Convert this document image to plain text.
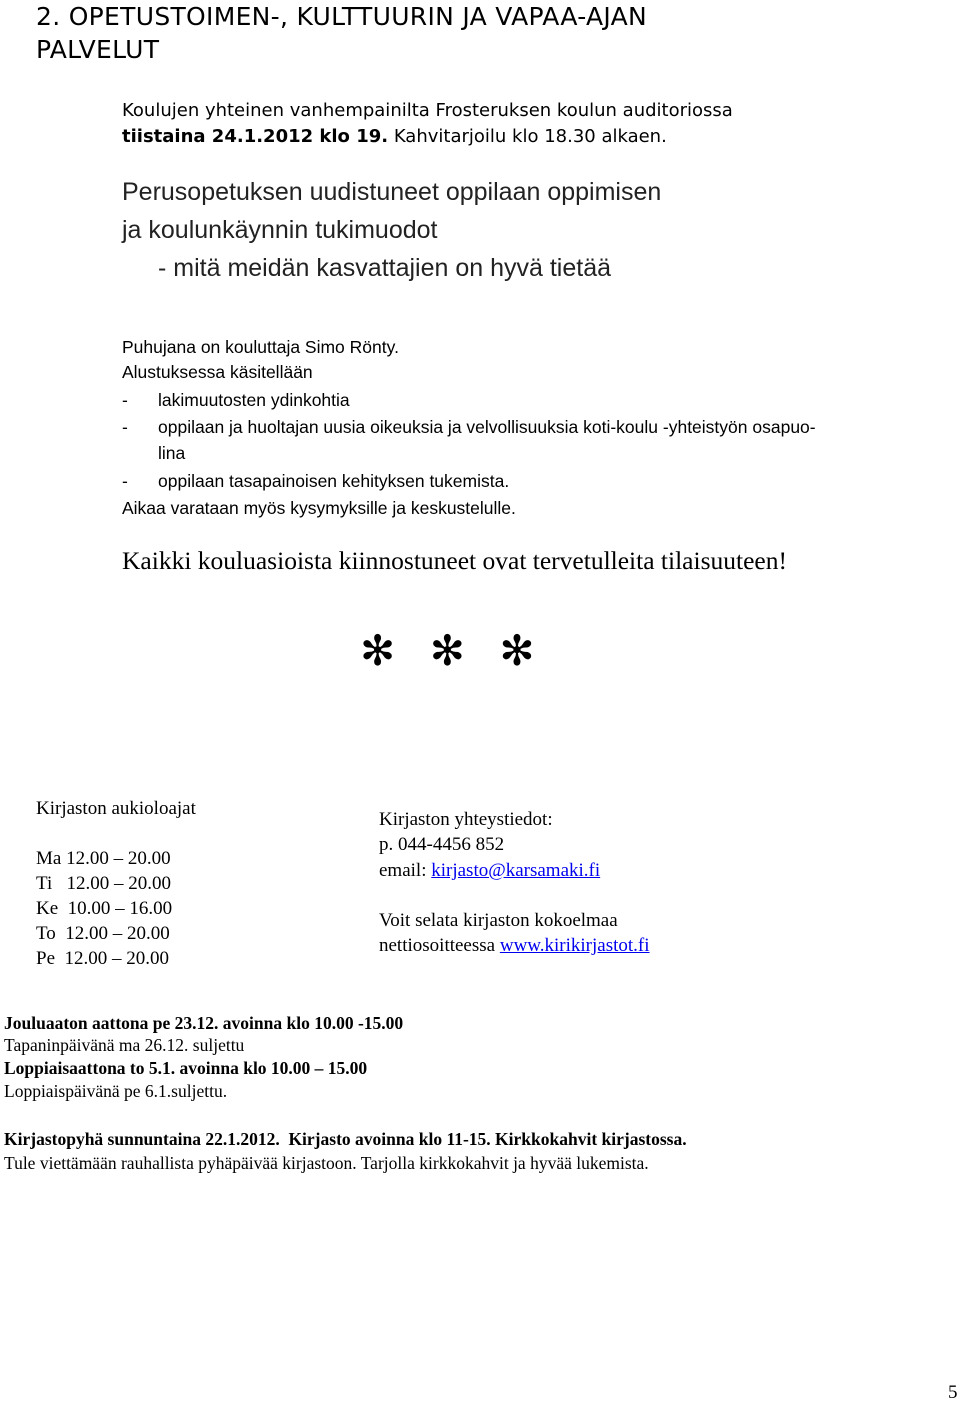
2. OPETUSTOIMEN-, KULTTUURIN JA VAPAA-AJAN
PALVELUT
Koulujen yhteinen vanhempainilta Frosteruksen koulun auditoriossa
tiistaina 24.1.2012 klo 19. Kahvitarjoilu klo 18.30 alkaen.
Perusopetuksen uudistuneet oppilaan oppimisen
ja koulunkäynnin tukimuodot
- mitä meidän kasvattajien on hyvä tietää
Puhujana on kouluttaja Simo Rönty.
Alustuksessa käsitellään
- lakimuutosten ydinkohtia
- oppilaan ja huoltajan uusia oikeuksia ja velvollisuuksia koti-koulu -yhteistyön osapuo-
lina
- oppilaan tasapainoisen kehityksen tukemista.
Aikaa varataan myös kysymyksille ja keskustelulle.
Kaikki kouluasioista kiinnostuneet ovat tervetulleita tilaisuuteen!
✻ ✻ ✻
Kirjaston aukioloajat
Ma 12.00 – 20.00
Ti   12.00 – 20.00
Ke  10.00 – 16.00
To  12.00 – 20.00
Pe  12.00 – 20.00
Kirjaston yhteystiedot:
p. 044-4456 852
email: kirjasto@karsamaki.fi
Voit selata kirjaston kokoelmaa
nettiosoitteessa www.kirikirjastot.fi
Jouluaaton aattona pe 23.12. avoinna klo 10.00 -15.00
Tapaninpäivänä ma 26.12. suljettu
Loppiaisaattona to 5.1. avoinna klo 10.00 – 15.00
Loppiaispäivänä pe 6.1.suljettu.
Kirjastopyhä sunnuntaina 22.1.2012.  Kirjasto avoinna klo 11-15. Kirkkokahvit kirjastossa.
Tule viettämään rauhallista pyhäpäivää kirjastoon. Tarjolla kirkkokahvit ja hyvää lukemista.
5
